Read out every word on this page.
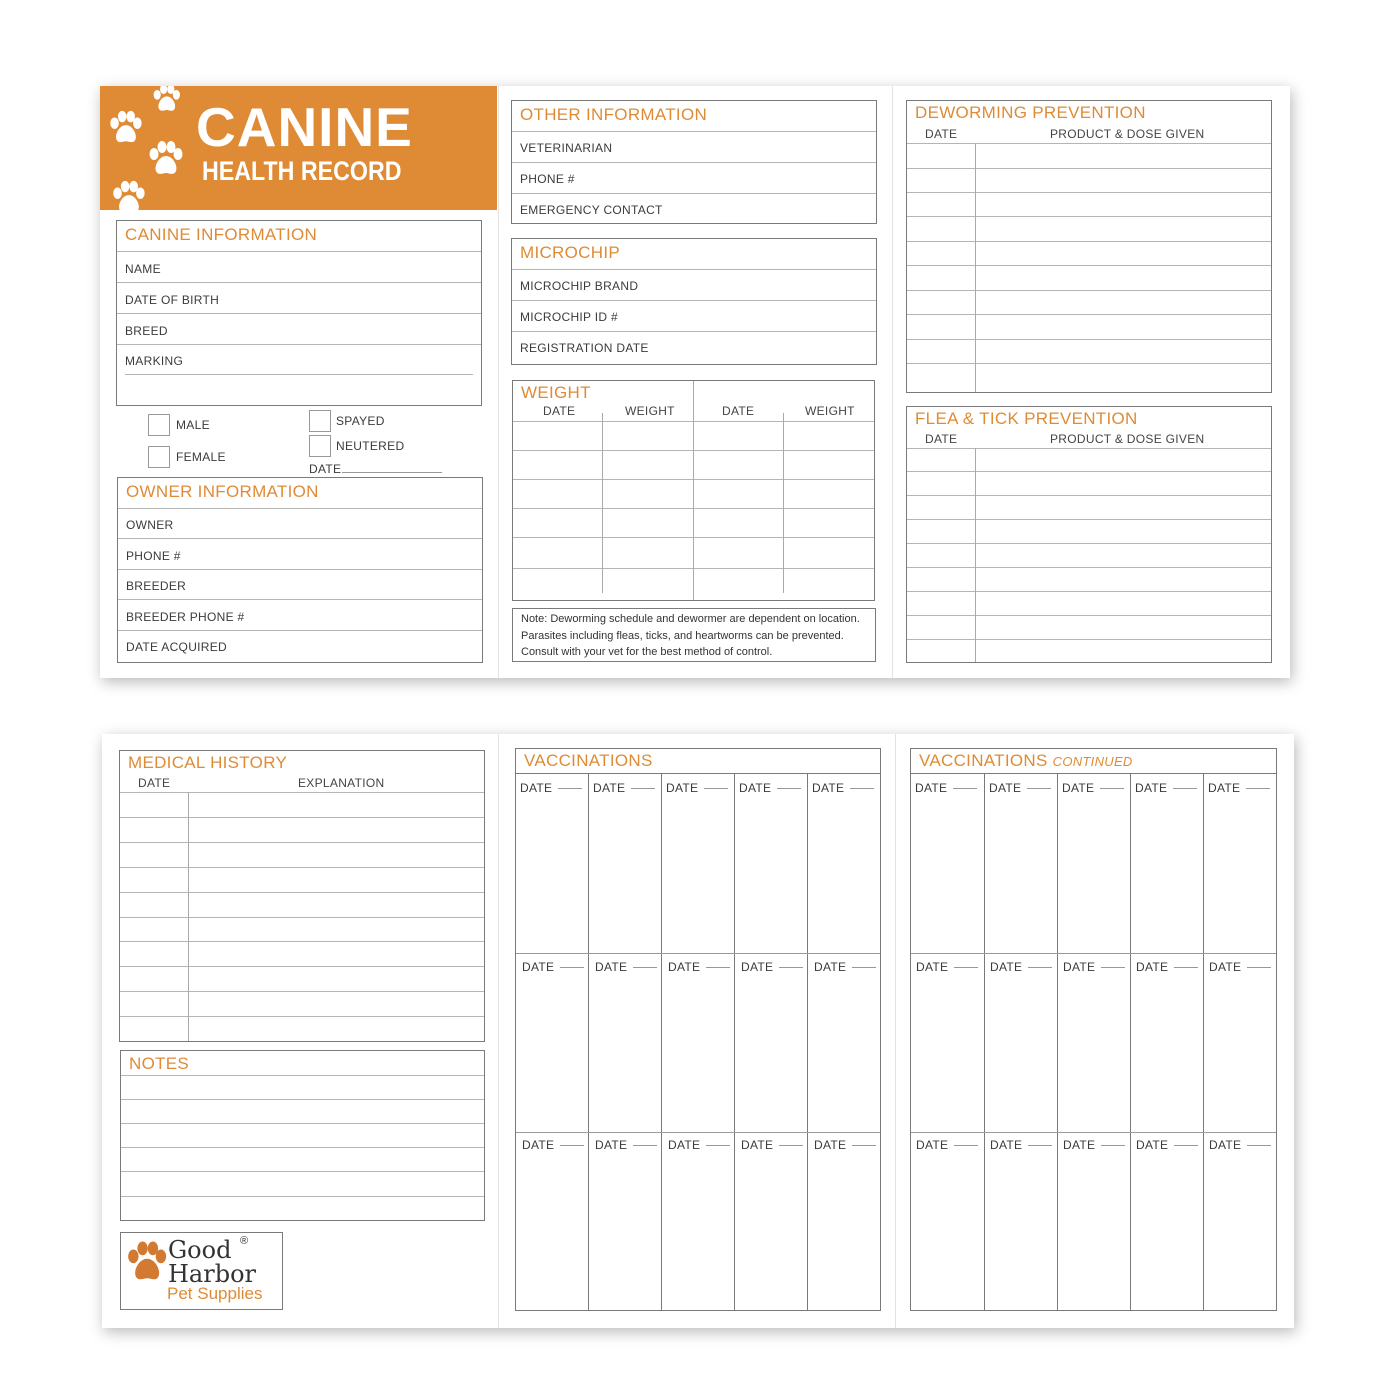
CANINE
HEALTH RECORD
CANINE INFORMATION
NAME
DATE OF BIRTH
BREED
MARKING
MALE
FEMALE
SPAYED
NEUTERED
DATE
OWNER INFORMATION
OWNER
PHONE #
BREEDER
BREEDER PHONE #
DATE ACQUIRED
OTHER INFORMATION
VETERINARIAN
PHONE #
EMERGENCY CONTACT
MICROCHIP
MICROCHIP BRAND
MICROCHIP ID #
REGISTRATION DATE
WEIGHT
DATE	WEIGHT	DATE	WEIGHT
Note: Deworming schedule and dewormer are dependent on location. Parasites including fleas, ticks, and heartworms can be prevented. Consult with your vet for the best method of control.
DEWORMING PREVENTION
DATE	PRODUCT & DOSE GIVEN
FLEA & TICK PREVENTION
DATE	PRODUCT & DOSE GIVEN
MEDICAL HISTORY
DATE	EXPLANATION
NOTES
Good ®
Harbor
Pet Supplies
VACCINATIONS
DATE	DATE	DATE	DATE	DATE
DATE	DATE	DATE	DATE	DATE
DATE	DATE	DATE	DATE	DATE
VACCINATIONS CONTINUED
DATE	DATE	DATE	DATE	DATE
DATE	DATE	DATE	DATE	DATE
DATE	DATE	DATE	DATE	DATE
